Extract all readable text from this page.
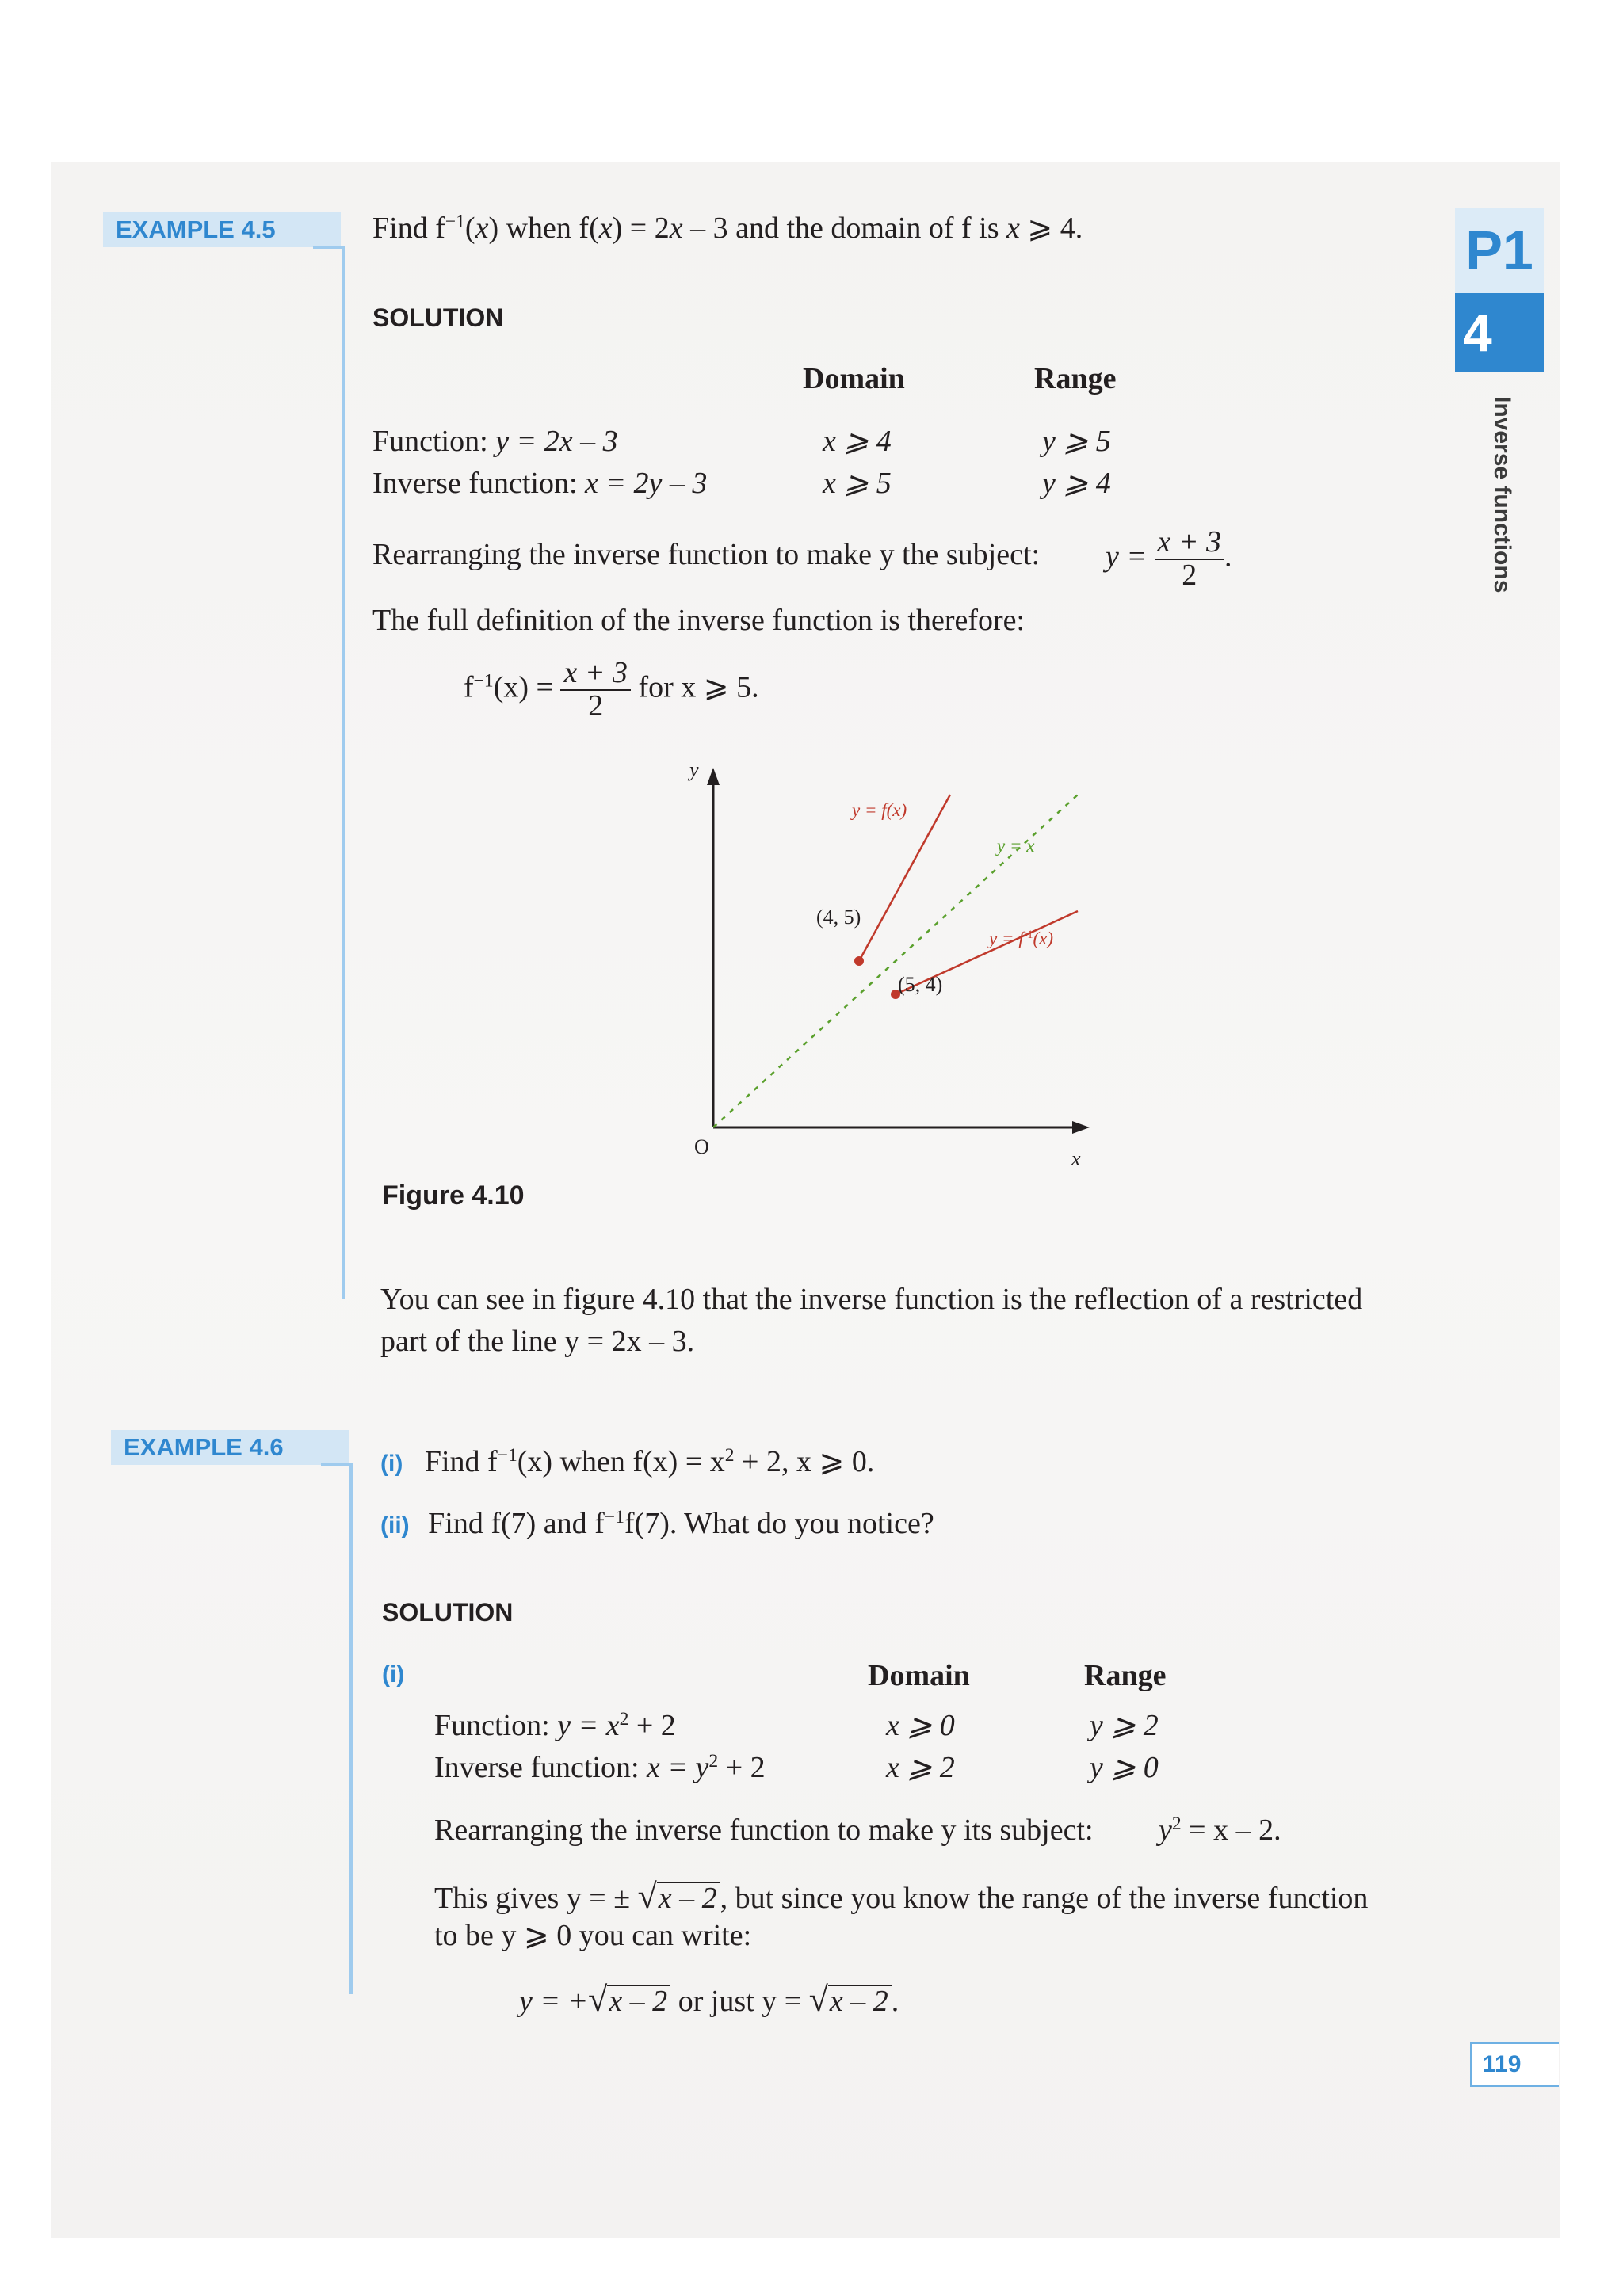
EXAMPLE 4.5	Find $f^{-1}(x)$ when f(x) = 2x – 3 and the domain of f is x ⩾ 4.
SOLUTION
Domain	Range
Function: y = 2x – 3	x ⩾ 4	y ⩾ 5
Inverse function: x = 2y – 3	x ⩾ 5	y ⩾ 4
Rearranging the inverse function to make y the subject: $y = \frac{x + 3}{2}$ .
The full definition of the inverse function is therefore:
$f^{-1}(x) = \frac{x + 3}{2}$ for x ⩾ 5.
y
x
O
y = f(x)
y = x
$y = f^{-1}(x)$
(4, 5)
(5, 4)
Figure 4.10
You can see in figure 4.10 that the inverse function is the reflection of a restricted
part of the line y = 2x – 3.
EXAMPLE 4.6
(i) Find $f^{-1}(x)$ when $f(x) = x^2 + 2$, x ⩾ 0.
(ii) Find f(7) and $f^{-1}f(7)$. What do you notice?
SOLUTION
(i)	Domain	Range
Function: $y = x^2 + 2$	x ⩾ 0	y ⩾ 2
Inverse function: $x = y^2 + 2$	x ⩾ 2	y ⩾ 0
Rearranging the inverse function to make y its subject: $y^2 = x - 2$.
This gives y = ± √x – 2 , but since you know the range of the inverse function
to be y ⩾ 0 you can write:
y = +√x – 2 or just y = √x – 2 .
P1
4
Inverse functions
119
